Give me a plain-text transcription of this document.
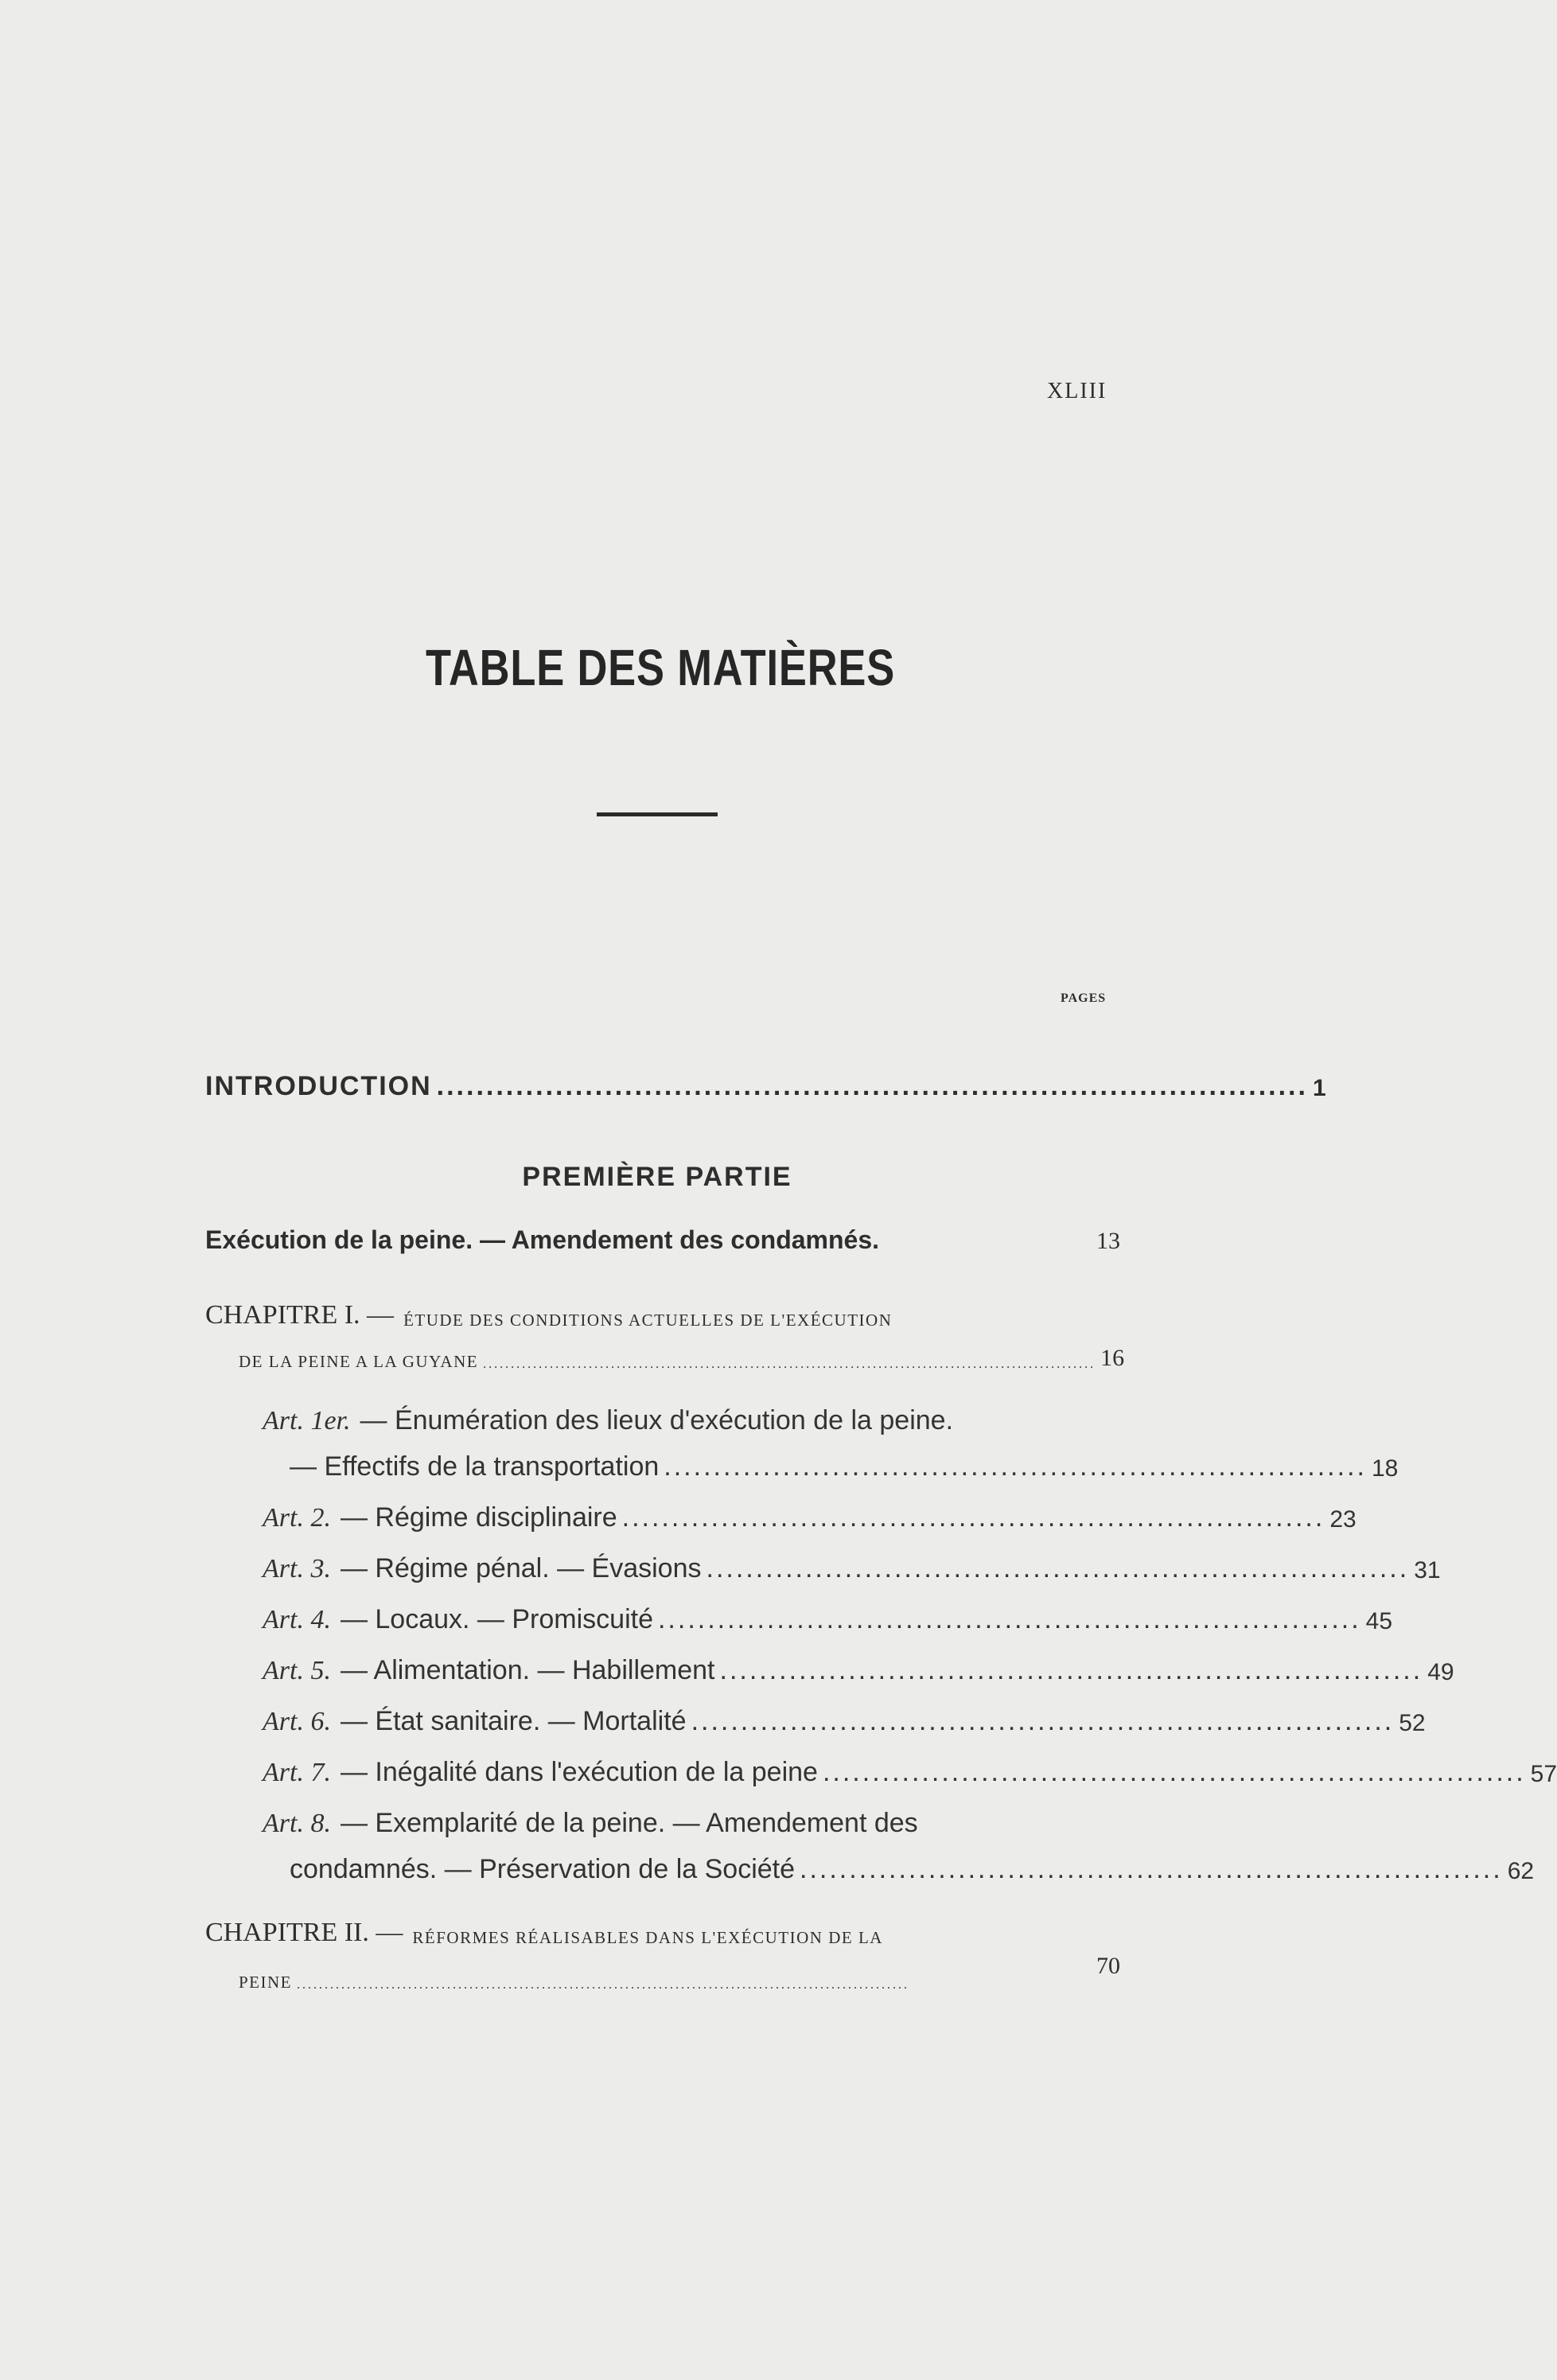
XLIII
TABLE DES MATIÈRES
PAGES
INTRODUCTION ........................................................................................ 1
PREMIÈRE PARTIE
Exécution de la peine. — Amendement des condamnés.	13
CHAPITRE I. — ÉTUDE DES CONDITIONS ACTUELLES DE L'EXÉCUTION
DE LA PEINE A LA GUYANE .............................................................................................................. 16
Art. 1er. — Énumération des lieux d'exécution de la peine.
— Effectifs de la transportation ....................................................................... 18
Art. 2. — Régime disciplinaire ....................................................................... 23
Art. 3. — Régime pénal. — Évasions ....................................................................... 31
Art. 4. — Locaux. — Promiscuité ....................................................................... 45
Art. 5. — Alimentation. — Habillement ....................................................................... 49
Art. 6. — État sanitaire. — Mortalité ....................................................................... 52
Art. 7. — Inégalité dans l'exécution de la peine ....................................................................... 57
Art. 8. — Exemplarité de la peine. — Amendement des
condamnés. — Préservation de la Société ....................................................................... 62
CHAPITRE II. — RÉFORMES RÉALISABLES DANS L'EXÉCUTION DE LA
PEINE ..............................................................................................................
70
